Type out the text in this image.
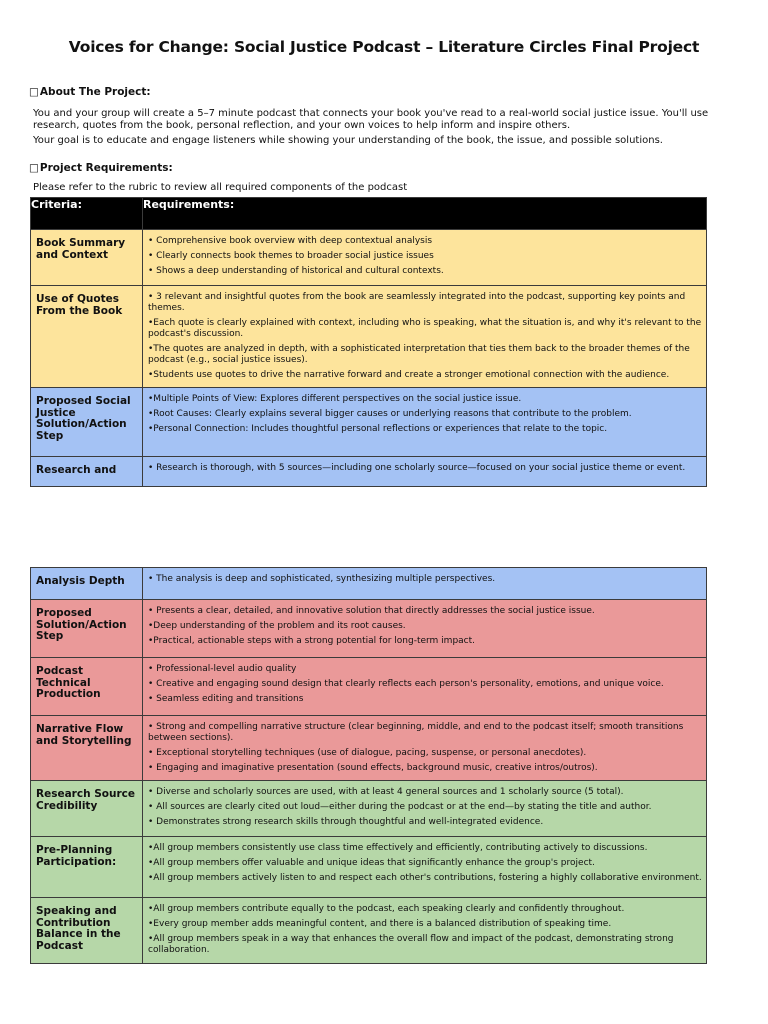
Voices for Change: Social Justice Podcast – Literature Circles Final Project
□About The Project:
You and your group will create a 5–7 minute podcast that connects your book you've read to a real-world social justice issue. You'll use research, quotes from the book, personal reflection, and your own voices to help inform and inspire others.
Your goal is to educate and engage listeners while showing your understanding of the book, the issue, and possible solutions.
□Project Requirements:
Please refer to the rubric to review all required components of the podcast
Criteria:	Requirements:
Book Summary and Context	• Comprehensive book overview with deep contextual analysis
• Clearly connects book themes to broader social justice issues
• Shows a deep understanding of historical and cultural contexts.

Use of Quotes From the Book	• 3 relevant and insightful quotes from the book are seamlessly integrated into the podcast, supporting key points and themes.
•Each quote is clearly explained with context, including who is speaking, what the situation is, and why it's relevant to the podcast's discussion.
•The quotes are analyzed in depth, with a sophisticated interpretation that ties them back to the broader themes of the podcast (e.g., social justice issues).
•Students use quotes to drive the narrative forward and create a stronger emotional connection with the audience.

Proposed Social Justice Solution/Action Step	•Multiple Points of View: Explores different perspectives on the social justice issue.
•Root Causes: Clearly explains several bigger causes or underlying reasons that contribute to the problem.
•Personal Connection: Includes thoughtful personal reflections or experiences that relate to the topic.

Research and	• Research is thorough, with 5 sources—including one scholarly source—focused on your social justice theme or event.
Analysis Depth	• The analysis is deep and sophisticated, synthesizing multiple perspectives.

Proposed Solution/Action Step	• Presents a clear, detailed, and innovative solution that directly addresses the social justice issue.
•Deep understanding of the problem and its root causes.
•Practical, actionable steps with a strong potential for long-term impact.

Podcast Technical Production	• Professional-level audio quality
• Creative and engaging sound design that clearly reflects each person's personality, emotions, and unique voice.
• Seamless editing and transitions

Narrative Flow and Storytelling	• Strong and compelling narrative structure (clear beginning, middle, and end to the podcast itself; smooth transitions between sections).
• Exceptional storytelling techniques (use of dialogue, pacing, suspense, or personal anecdotes).
• Engaging and imaginative presentation (sound effects, background music, creative intros/outros).

Research Source Credibility	• Diverse and scholarly sources are used, with at least 4 general sources and 1 scholarly source (5 total).
• All sources are clearly cited out loud—either during the podcast or at the end—by stating the title and author.
• Demonstrates strong research skills through thoughtful and well-integrated evidence.

Pre-Planning Participation:	•All group members consistently use class time effectively and efficiently, contributing actively to discussions.
•All group members offer valuable and unique ideas that significantly enhance the group's project.
•All group members actively listen to and respect each other's contributions, fostering a highly collaborative environment.

Speaking and Contribution Balance in the Podcast	•All group members contribute equally to the podcast, each speaking clearly and confidently throughout.
•Every group member adds meaningful content, and there is a balanced distribution of speaking time.
•All group members speak in a way that enhances the overall flow and impact of the podcast, demonstrating strong collaboration.
